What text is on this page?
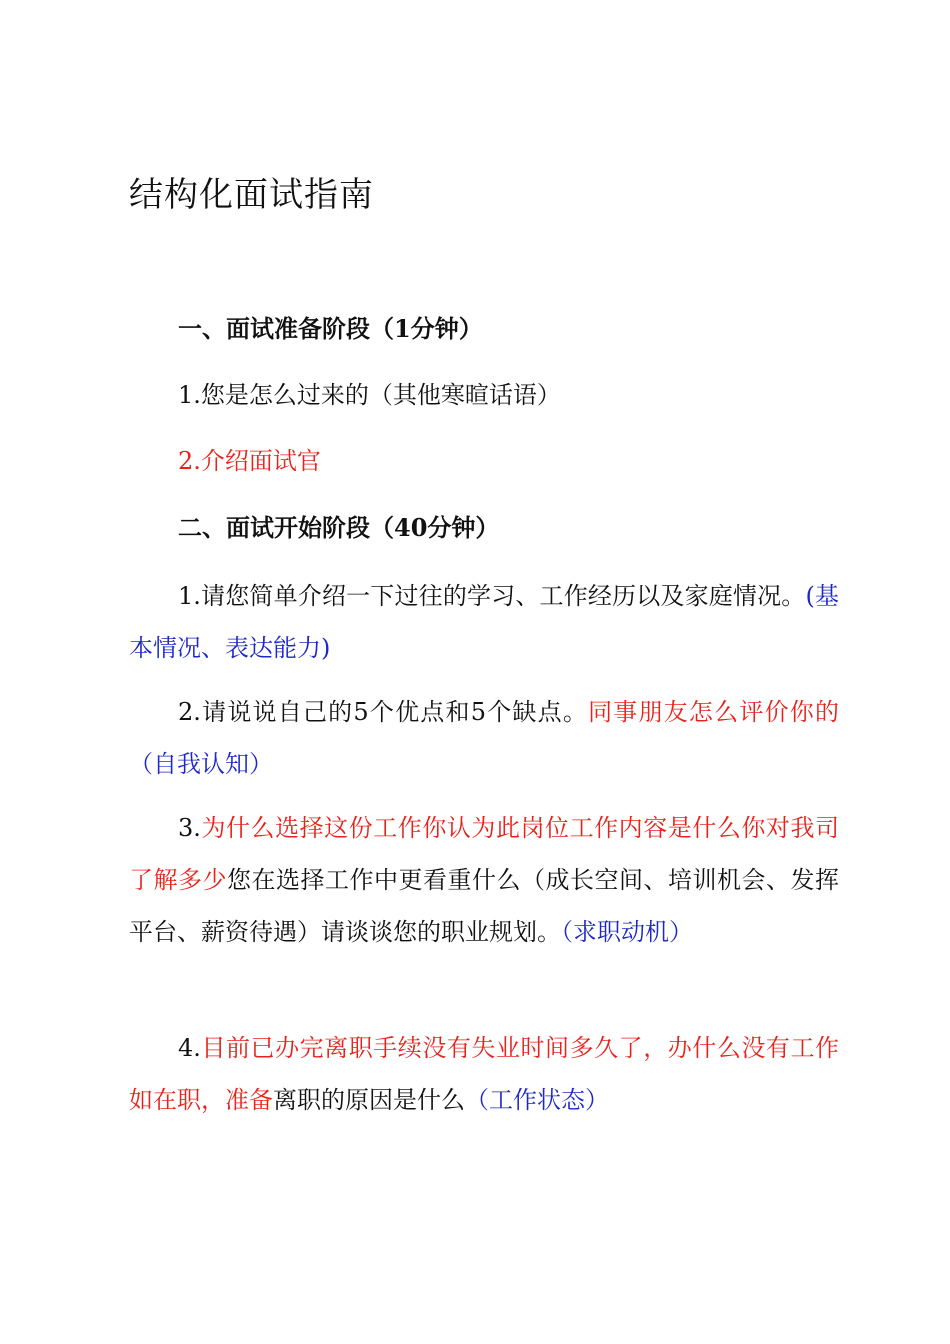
结构化面试指南
一、面试准备阶段（1分钟）
1.您是怎么过来的（其他寒暄话语）
2.介绍面试官
二、面试开始阶段（40分钟）

1.请您简单介绍一下过往的学习、工作经历以及家庭情况。(基本情况、表达能力)

2.请说说自己的5个优点和5个缺点。同事朋友怎么评价你的（自我认知）

3.为什么选择这份工作你认为此岗位工作内容是什么你对我司了解多少您在选择工作中更看重什么（成长空间、培训机会、发挥平台、薪资待遇）请谈谈您的职业规划。（求职动机）

4.目前已办完离职手续没有失业时间多久了，办什么没有工作如在职，准备离职的原因是什么（工作状态）
